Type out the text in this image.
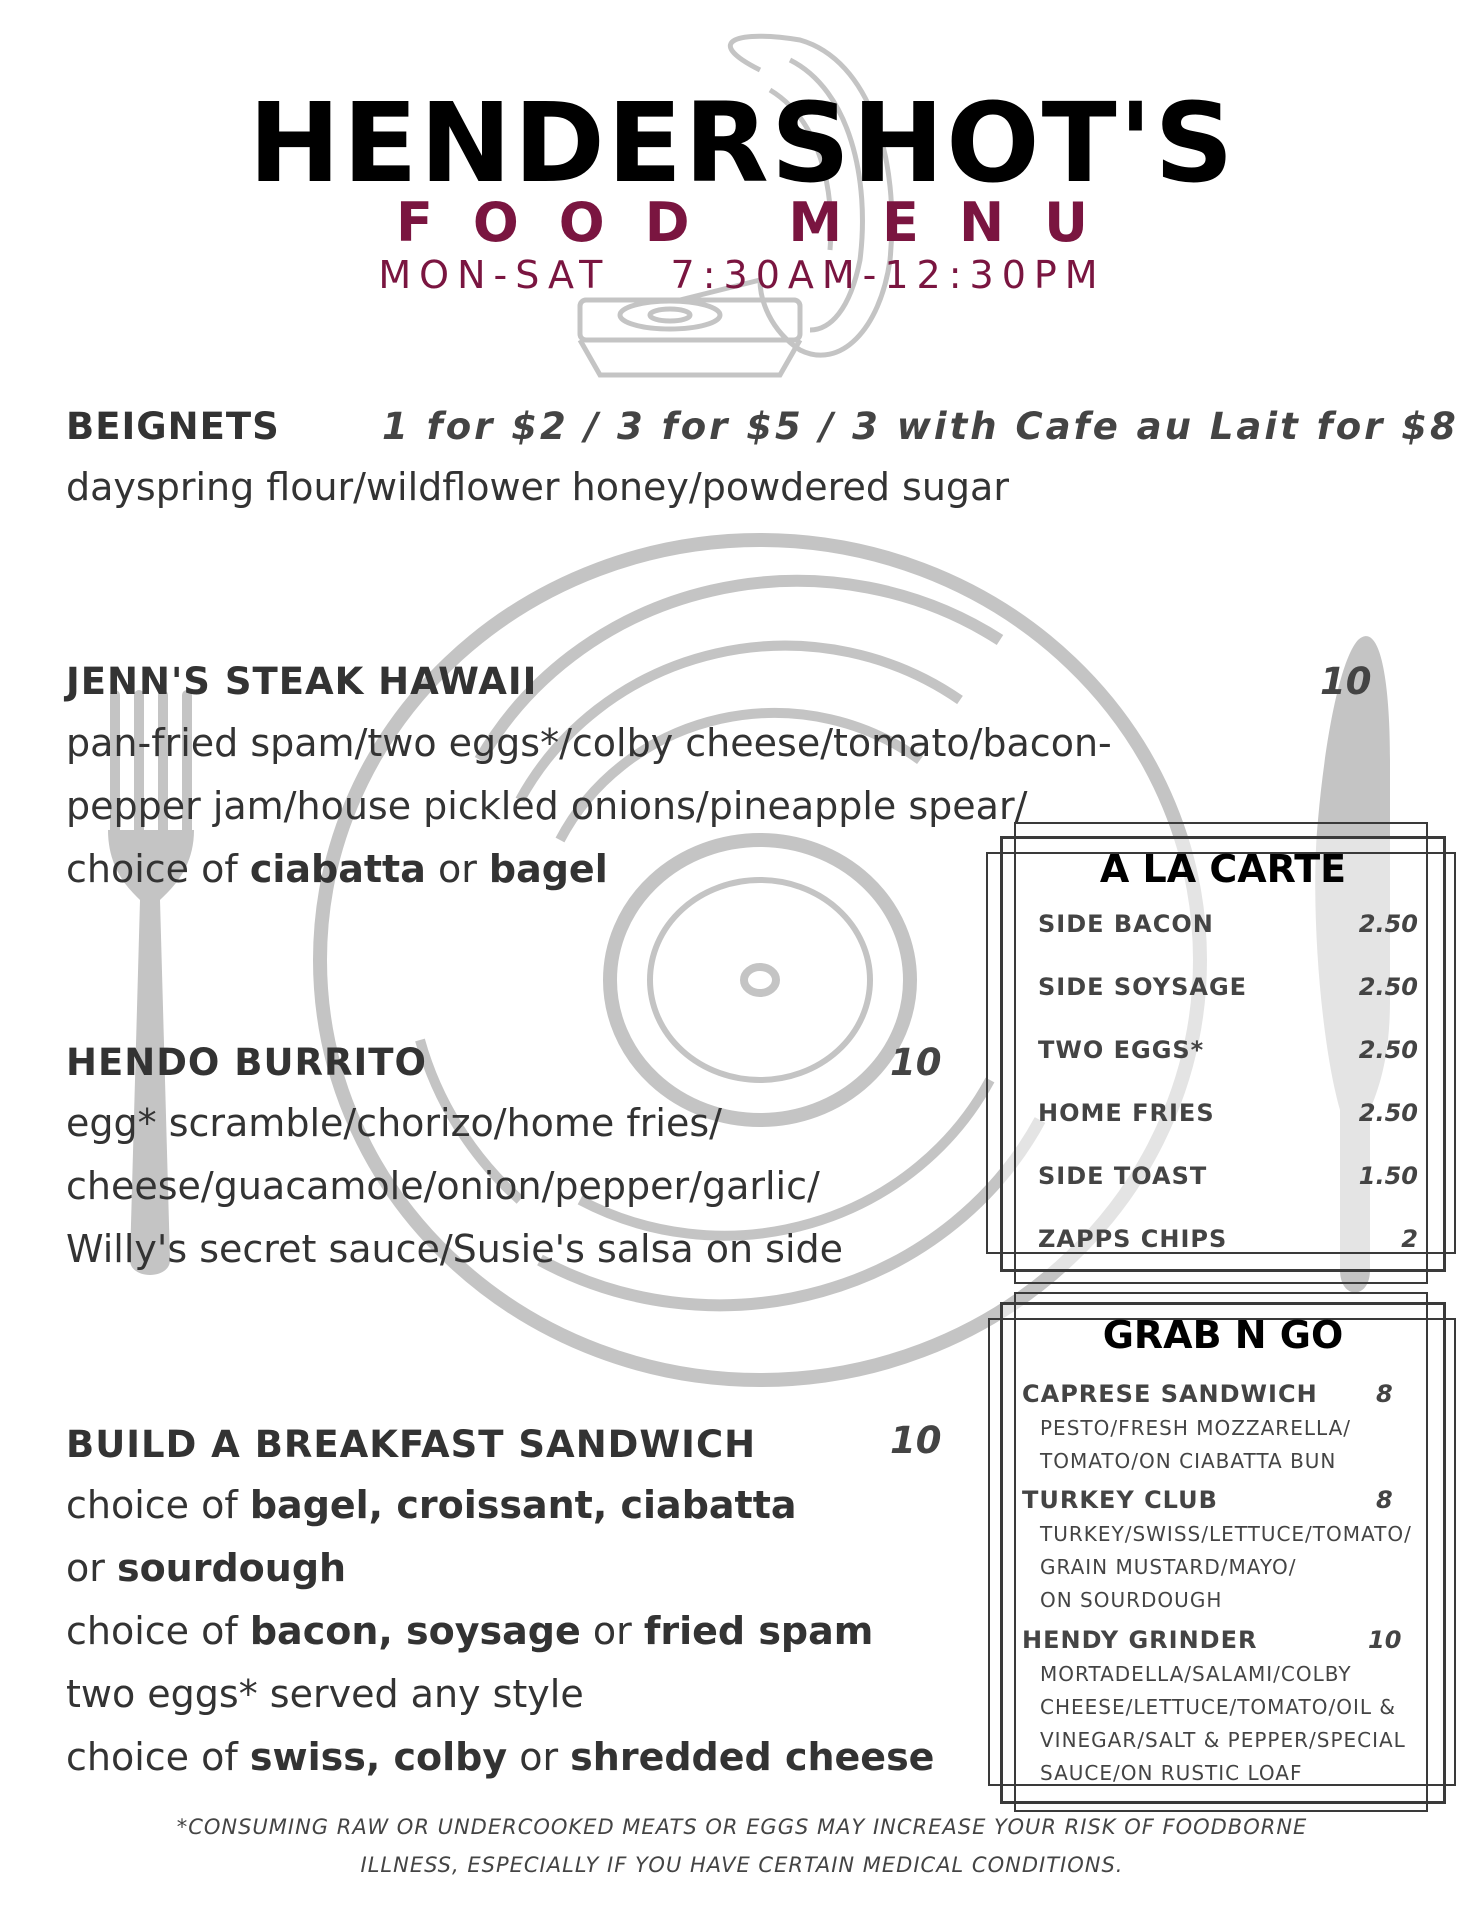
HENDERSHOT'S
FOOD MENU
MON-SAT   7:30AM-12:30PM
BEIGNETS	1 for $2 / 3 for $5 / 3 with Cafe au Lait for $8
dayspring flour/wildflower honey/powdered sugar
JENN'S STEAK HAWAII	10
pan-fried spam/two eggs*/colby cheese/tomato/bacon-
pepper jam/house pickled onions/pineapple spear/
choice of ciabatta or bagel
HENDO BURRITO	10
egg* scramble/chorizo/home fries/
cheese/guacamole/onion/pepper/garlic/
Willy's secret sauce/Susie's salsa on side
BUILD A BREAKFAST SANDWICH	10
choice of bagel, croissant, ciabatta
or sourdough
choice of bacon, soysage or fried spam
two eggs* served any style
choice of swiss, colby or shredded cheese
A LA CARTE
SIDE BACON	2.50
SIDE SOYSAGE	2.50
TWO EGGS*	2.50
HOME FRIES	2.50
SIDE TOAST	1.50
ZAPPS CHIPS	2
GRAB N GO
CAPRESE SANDWICH 8
PESTO/FRESH MOZZARELLA/
TOMATO/ON CIABATTA BUN
TURKEY CLUB	8
TURKEY/SWISS/LETTUCE/TOMATO/
GRAIN MUSTARD/MAYO/
ON SOURDOUGH
HENDY GRINDER	10
MORTADELLA/SALAMI/COLBY
CHEESE/LETTUCE/TOMATO/OIL &
VINEGAR/SALT & PEPPER/SPECIAL
SAUCE/ON RUSTIC LOAF
*CONSUMING RAW OR UNDERCOOKED MEATS OR EGGS MAY INCREASE YOUR RISK OF FOODBORNE
ILLNESS, ESPECIALLY IF YOU HAVE CERTAIN MEDICAL CONDITIONS.
